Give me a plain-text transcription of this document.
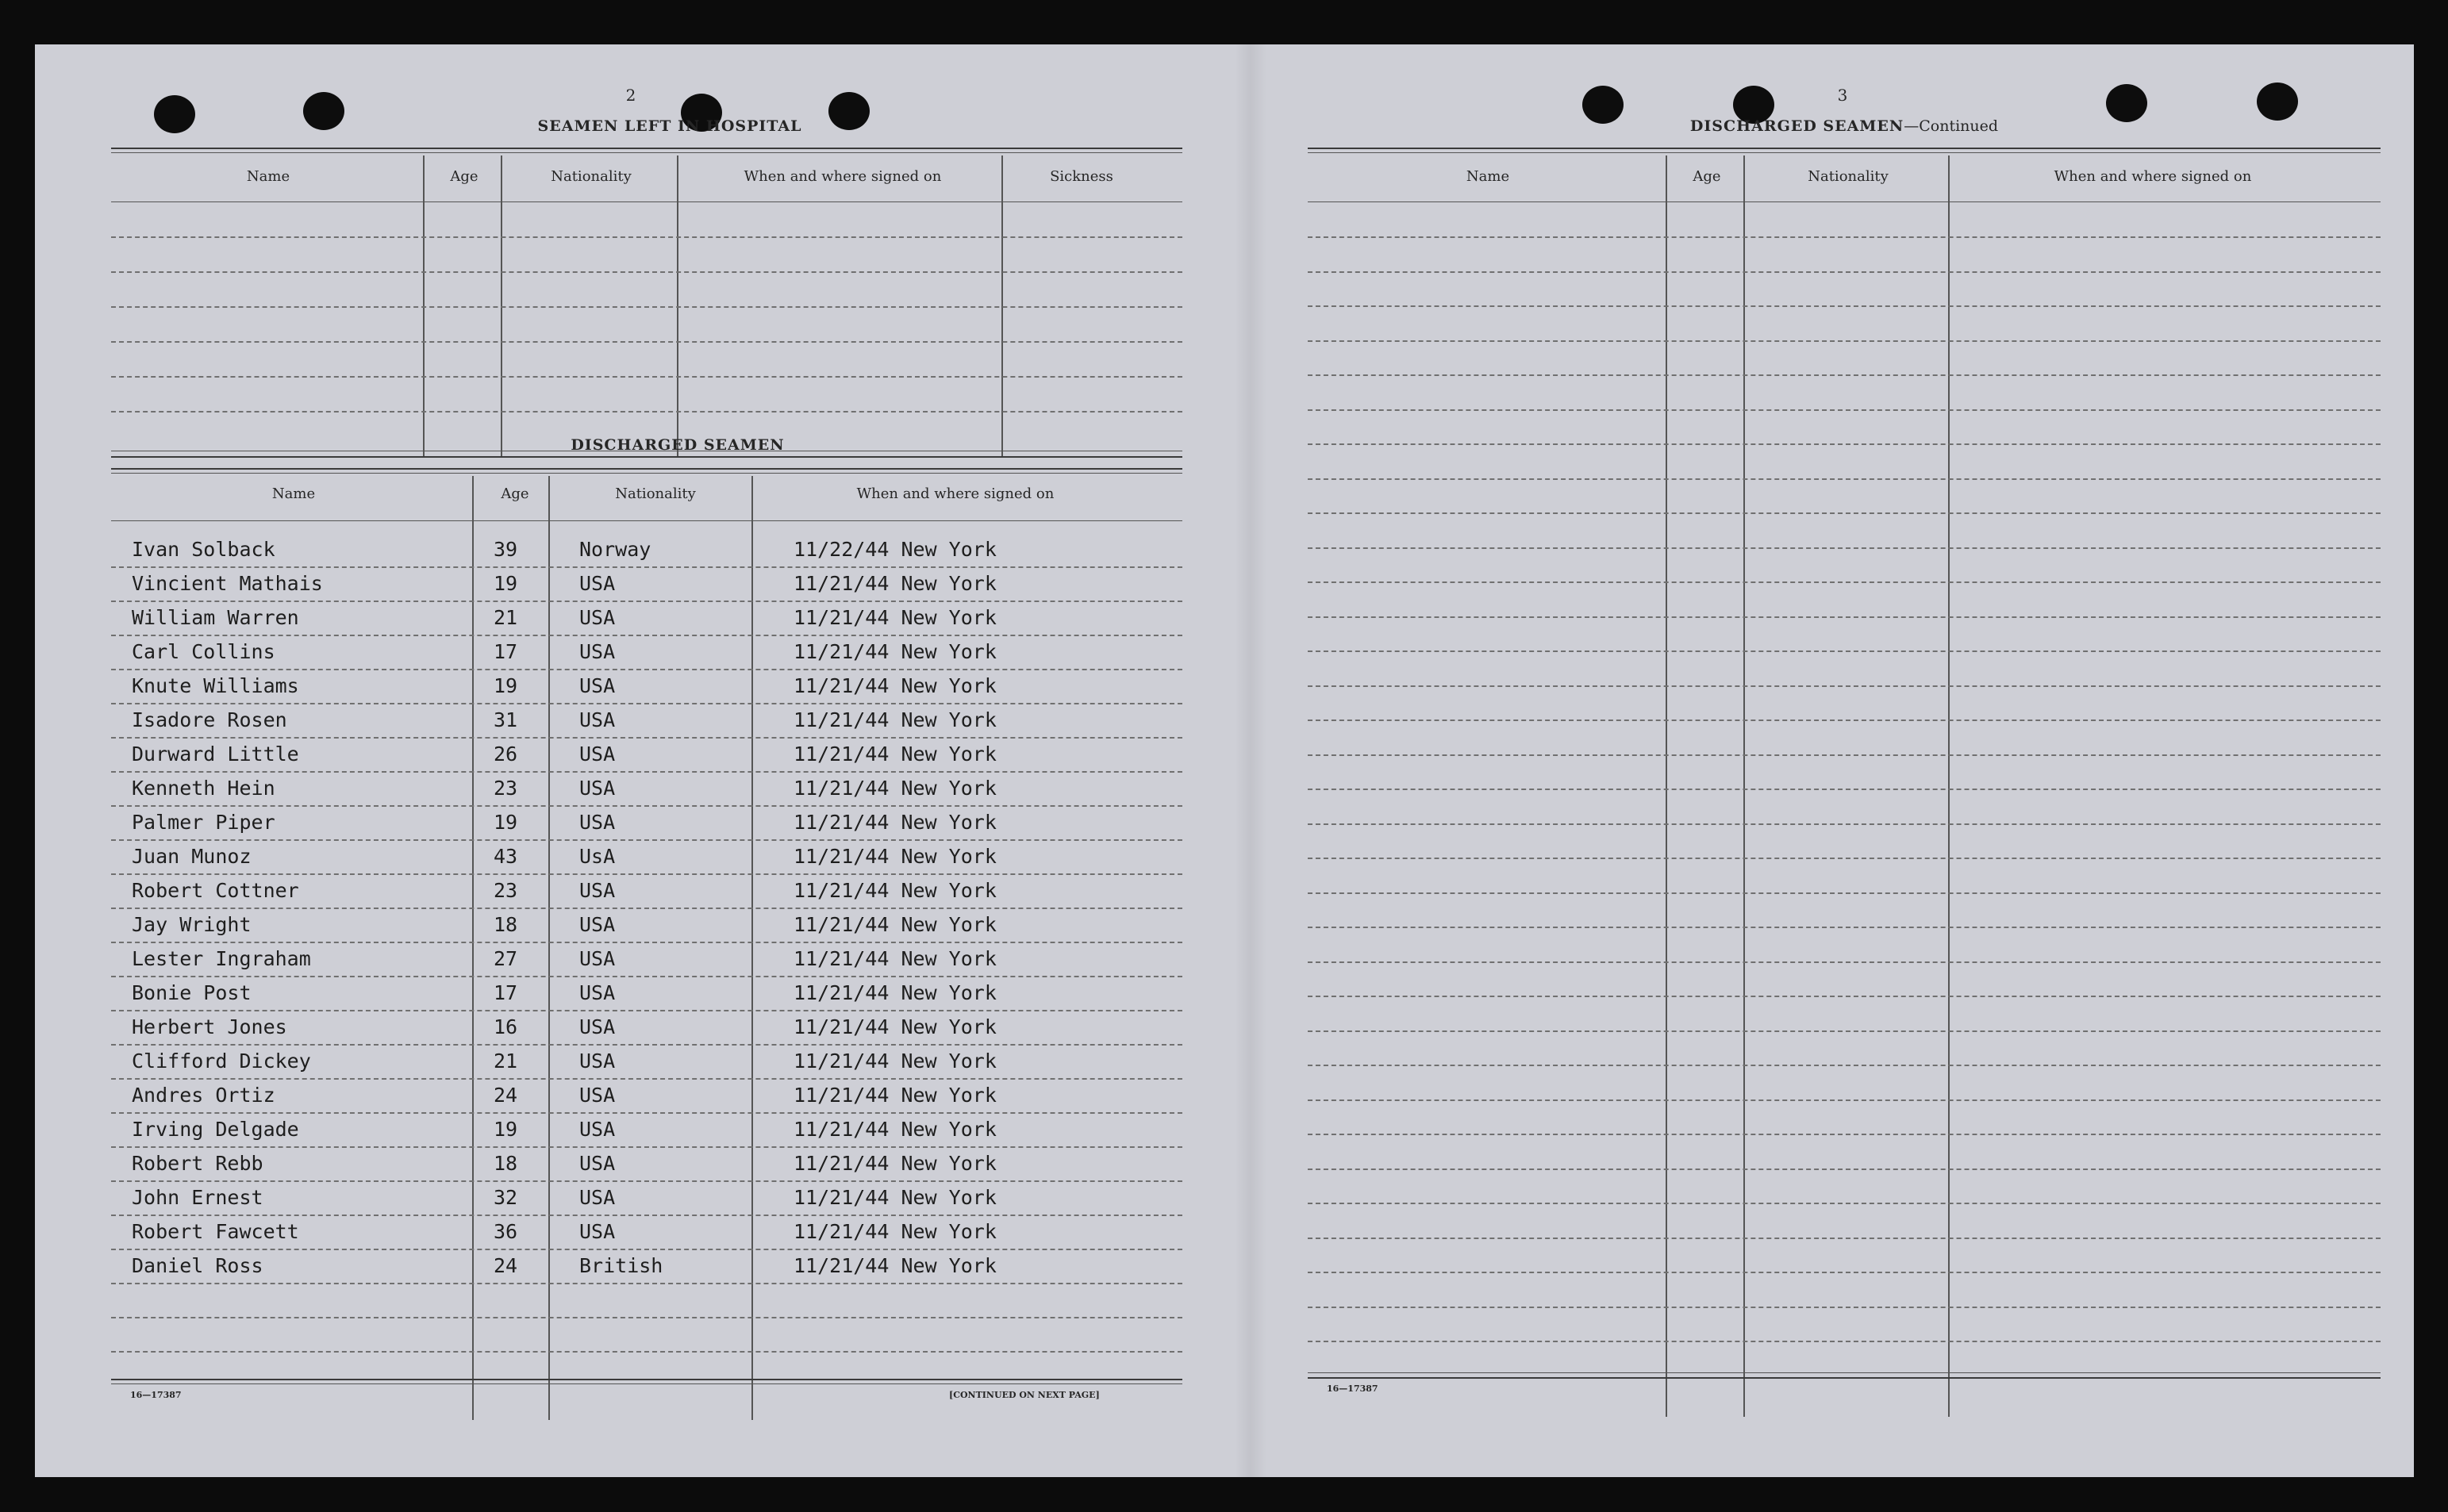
2
SEAMEN LEFT IN HOSPITAL
Name	Age	Nationality	When and where signed on	Sickness
DISCHARGED SEAMEN
Name	Age	Nationality	When and where signed on
Ivan Solback	39	Norway	11/22/44 New York
Vincient Mathais	19	USA	11/21/44 New York
William Warren	21	USA	11/21/44 New York
Carl Collins	17	USA	11/21/44 New York
Knute Williams	19	USA	11/21/44 New York
Isadore Rosen	31	USA	11/21/44 New York
Durward Little	26	USA	11/21/44 New York
Kenneth Hein	23	USA	11/21/44 New York
Palmer Piper	19	USA	11/21/44 New York
Juan Munoz	43	UsA	11/21/44 New York
Robert Cottner	23	USA	11/21/44 New York
Jay Wright	18	USA	11/21/44 New York
Lester Ingraham	27	USA	11/21/44 New York
Bonie Post	17	USA	11/21/44 New York
Herbert Jones	16	USA	11/21/44 New York
Clifford Dickey	21	USA	11/21/44 New York
Andres Ortiz	24	USA	11/21/44 New York
Irving Delgade	19	USA	11/21/44 New York
Robert Rebb	18	USA	11/21/44 New York
John Ernest	32	USA	11/21/44 New York
Robert Fawcett	36	USA	11/21/44 New York
Daniel Ross	24	British	11/21/44 New York
16—17387	[CONTINUED ON NEXT PAGE]
3
DISCHARGED SEAMEN—Continued
Name	Age	Nationality	When and where signed on
16—17387
